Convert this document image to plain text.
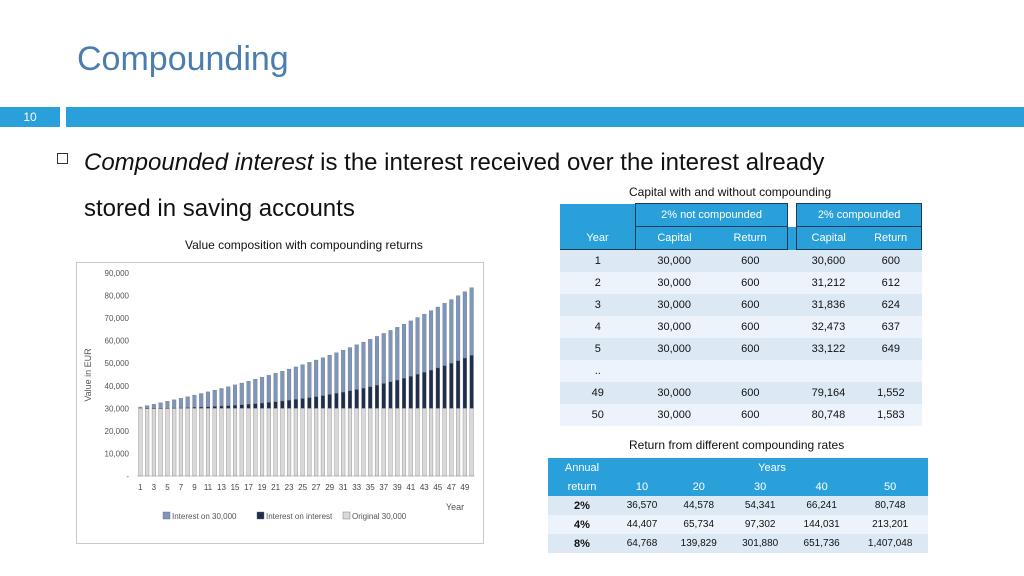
Compounding
10
Compounded interest is the interest received over the interest already
stored in saving accounts
Value composition with compounding returns
-
10,000
20,000
30,000
40,000
50,000
60,000
70,000
80,000
90,000
Value in EUR
1 3 5 7 9 11 13 15 17 19 21 23 25 27 29 31 33 35 37 39 41 43 45 47 49
Year
Interest on 30,000	Interest on interest Original 30,000
Capital with and without compounding
	2% not compounded			2% compounded	
Year	Capital	Return		Capital	Return
1	30,000	600		30,600	600
2	30,000	600		31,212	612
3	30,000	600		31,836	624
4	30,000	600		32,473	637
5	30,000	600		33,122	649
..					
49	30,000	600		79,164	1,552
50	30,000	600		80,748	1,583
Return from different compounding rates
Annual	Years				
return	10	20	30	40	50
2%	36,570	44,578	54,341	66,241	80,748
4%	44,407	65,734	97,302	144,031	213,201
8%	64,768	139,829	301,880	651,736	1,407,048
